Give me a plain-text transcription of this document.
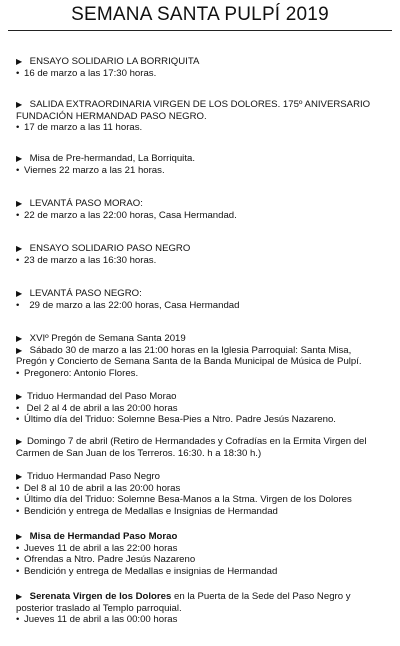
SEMANA SANTA PULPÍ 2019
▶ ENSAYO SOLIDARIO LA BORRIQUITA
• 16 de marzo a las 17:30 horas.
▶ SALIDA EXTRAORDINARIA VIRGEN DE LOS DOLORES. 175º ANIVERSARIO
FUNDACIÓN HERMANDAD PASO NEGRO.
• 17 de marzo a las 11 horas.
▶ Misa de Pre-hermandad, La Borriquita.
• Viernes 22 marzo a las 21 horas.
▶ LEVANTÁ PASO MORAO:
• 22 de marzo a las 22:00 horas, Casa Hermandad.
▶ ENSAYO SOLIDARIO PASO NEGRO
• 23 de marzo a las 16:30 horas.
▶ LEVANTÁ PASO NEGRO:
• 29 de marzo a las 22:00 horas, Casa Hermandad
▶ XVIº Pregón de Semana Santa 2019
▶ Sábado 30 de marzo a las 21:00 horas en la Iglesia Parroquial: Santa Misa,
Pregón y Concierto de Semana Santa de la Banda Municipal de Música de Pulpí.
• Pregonero: Antonio Flores.
▶ Triduo Hermandad del Paso Morao
• Del 2 al 4 de abril a las 20:00 horas
• Último día del Triduo: Solemne Besa-Pies a Ntro. Padre Jesús Nazareno.
▶ Domingo 7 de abril (Retiro de Hermandades y Cofradías en la Ermita Virgen del
Carmen de San Juan de los Terreros. 16:30. h a 18:30 h.)
▶ Triduo Hermandad Paso Negro
• Del 8 al 10 de abril a las 20:00 horas
• Último día del Triduo: Solemne Besa-Manos a la Stma. Virgen de los Dolores
• Bendición y entrega de Medallas e Insignias de Hermandad
▶ Misa de Hermandad Paso Morao
• Jueves 11 de abril a las 22:00 horas
• Ofrendas a Ntro. Padre Jesús Nazareno
• Bendición y entrega de Medallas e insignias de Hermandad
▶ Serenata Virgen de los Dolores en la Puerta de la Sede del Paso Negro y
posterior traslado al Templo parroquial.
• Jueves 11 de abril a las 00:00 horas
